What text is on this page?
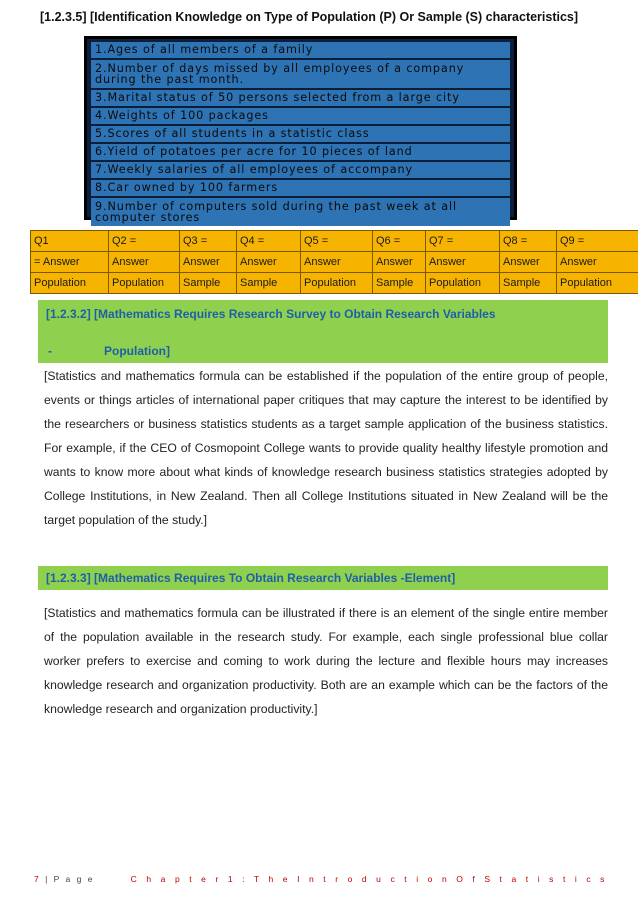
[1.2.3.5] [Identification Knowledge on Type of Population (P) Or Sample (S) characteristics]
1.Ages of all members of a family
2.Number of days missed by all employees of a company during the past month.
3.Marital status of 50 persons selected from a large city
4.Weights of 100 packages
5.Scores of all students in a statistic class
6.Yield of potatoes per acre for 10 pieces of land
7.Weekly salaries of all employees of accompany
8.Car owned by 100 farmers
9.Number of computers sold during the past week at all computer stores
Q1	Q2 =	Q3 =	Q4 =	Q5 =	Q6 =	Q7 =	Q8 =	Q9 =
= Answer	Answer	Answer	Answer	Answer	Answer	Answer	Answer	Answer
Population	Population	Sample	Sample	Population	Sample	Population	Sample	Population
[1.2.3.2] [Mathematics Requires Research Survey to Obtain Research Variables
-	Population]
[Statistics and mathematics formula can be established if the population of the entire group of people, events or things articles of international paper critiques that may capture the interest to be identified by the researchers or business statistics students as a target sample application of the business statistics. For example, if the CEO of Cosmopoint College wants to provide quality healthy lifestyle promotion and wants to know more about what kinds of knowledge research business statistics strategies adopted by College Institutions, in New Zealand. Then all College Institutions situated in New Zealand will be the target population of the study.]
[1.2.3.3] [Mathematics Requires To Obtain Research Variables -Element]
[Statistics and mathematics formula can be illustrated if there is an element of the single entire member of the population available in the research study. For example, each single professional blue collar worker prefers to exercise and coming to work during the lecture and flexible hours may increases knowledge research and organization productivity. Both are an example which can be the factors of the knowledge research and organization productivity.]
7 | P a g e	C h a p t e r 1 : T h e I n t r o d u c t i o n O f S t a t i s t i c s
